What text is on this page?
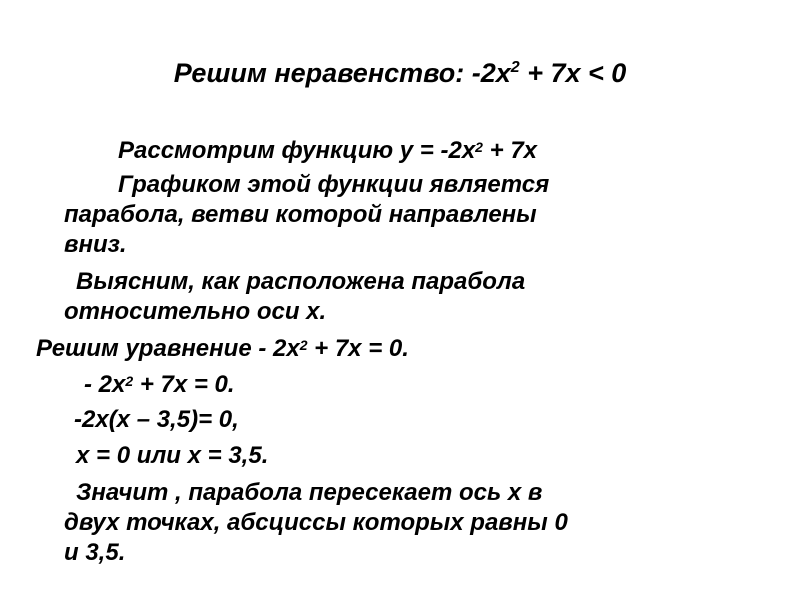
Решим неравенство: $-2x^2 + 7x < 0$
Рассмотрим функцию $у = -2х^2 + 7х$
Графиком этой функции является
парабола, ветви которой направлены
вниз.
Выясним, как расположена парабола
относительно оси х.
Решим уравнение - $2х^2 + 7х = 0$.
- $2х^2 + 7х = 0$.
-2х(х – 3,5)= 0,
х = 0 или х = 3,5.
Значит , парабола пересекает ось х в
двух точках, абсциссы которых равны 0
и 3,5.
